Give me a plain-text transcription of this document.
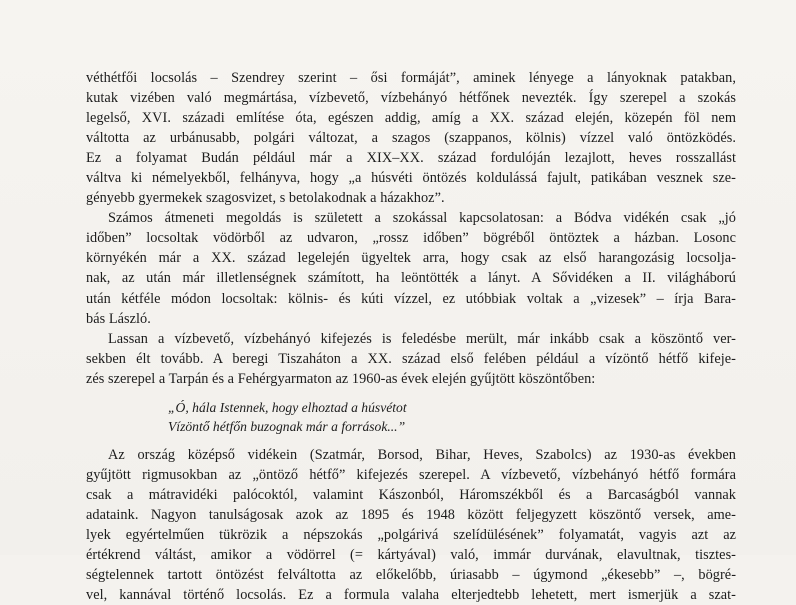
véthétfői locsolás – Szendrey szerint – ősi formáját”, aminek lényege a lányoknak patakban,
kutak vizében való megmártása, vízbevető, vízbehányó hétfőnek nevezték. Így szerepel a szokás
legelső, XVI. századi említése óta, egészen addig, amíg a XX. század elején, közepén föl nem
váltotta az urbánusabb, polgári változat, a szagos (szappanos, kölnis) vízzel való öntözködés.
Ez a folyamat Budán például már a XIX–XX. század fordulóján lezajlott, heves rosszallást
váltva ki némelyekből, felhányva, hogy „a húsvéti öntözés koldulássá fajult, patikában vesznek sze-
gényebb gyermekek szagosvizet, s betolakodnak a házakhoz”.

Számos átmeneti megoldás is született a szokással kapcsolatosan: a Bódva vidékén csak „jó
időben” locsoltak vödörből az udvaron, „rossz időben” bögréből öntöztek a házban. Losonc
környékén már a XX. század legelején ügyeltek arra, hogy csak az első harangozásig locsolja-
nak, az után már illetlenségnek számított, ha leöntötték a lányt. A Sővidéken a II. világháború
után kétféle módon locsoltak: kölnis- és kúti vízzel, ez utóbbiak voltak a „vizesek” – írja Bara-
bás László.

Lassan a vízbevető, vízbehányó kifejezés is feledésbe merült, már inkább csak a köszöntő ver-
sekben élt tovább. A beregi Tiszaháton a XX. század első felében például a vízöntő hétfő kifeje-
zés szerepel a Tarpán és a Fehérgyarmaton az 1960-as évek elején gyűjtött köszöntőben:

„Ó, hála Istennek, hogy elhoztad a húsvétot
Vízöntő hétfőn buzognak már a források...”

Az ország középső vidékein (Szatmár, Borsod, Bihar, Heves, Szabolcs) az 1930-as években
gyűjtött rigmusokban az „öntöző hétfő” kifejezés szerepel. A vízbevető, vízbehányó hétfő formára
csak a mátravidéki palócoktól, valamint Kászonból, Háromszékből és a Barcaságból vannak
adataink. Nagyon tanulságosak azok az 1895 és 1948 között feljegyzett köszöntő versek, ame-
lyek egyértelműen tükrözik a népszokás „polgárivá szelídülésének” folyamatát, vagyis azt az
értékrend váltást, amikor a vödörrel (= kártyával) való, immár durvának, elavultnak, tisztes-
ségtelennek tartott öntözést felváltotta az előkelőbb, úriasabb – úgymond „ékesebb” –, bögré-
vel, kannával történő locsolás. Ez a formula valaha elterjedtebb lehetett, mert ismerjük a szat-
